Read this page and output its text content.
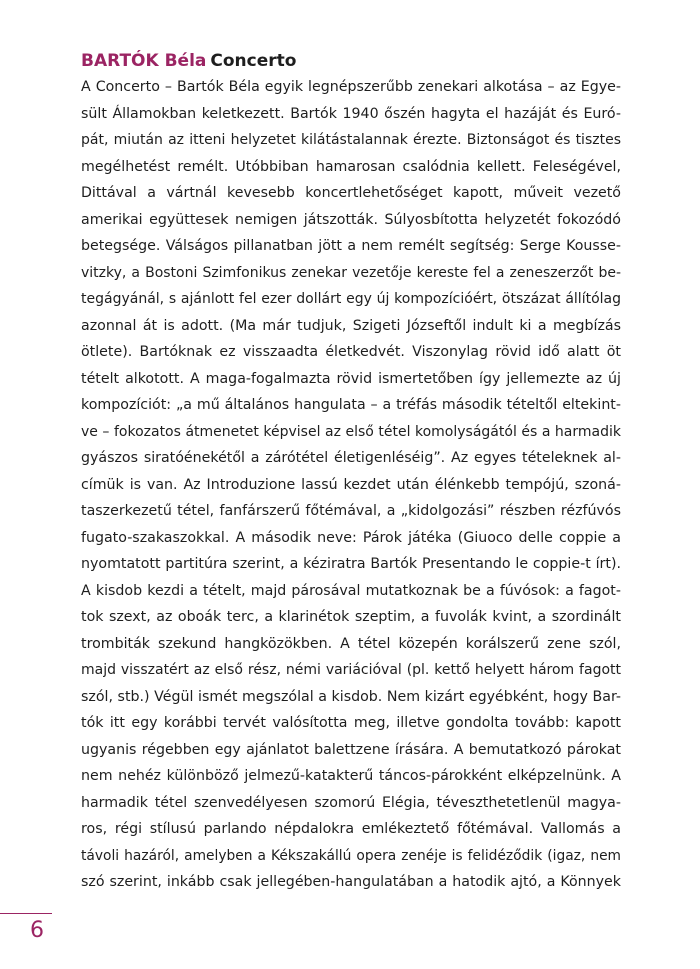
BARTÓK Béla Concerto
A Concerto – Bartók Béla egyik legnépszerűbb zenekari alkotása – az Egye-
sült Államokban keletkezett. Bartók 1940 őszén hagyta el hazáját és Euró-
pát, miután az itteni helyzetet kilátástalannak érezte. Biztonságot és tisztes
megélhetést remélt. Utóbbiban hamarosan csalódnia kellett. Feleségével,
Dittával a vártnál kevesebb koncertlehetőséget kapott, műveit vezető
amerikai együttesek nemigen játszották. Súlyosbította helyzetét fokozódó
betegsége. Válságos pillanatban jött a nem remélt segítség: Serge Kousse-
vitzky, a Bostoni Szimfonikus zenekar vezetője kereste fel a zeneszerzőt be-
tegágyánál, s ajánlott fel ezer dollárt egy új kompozícióért, ötszázat állítólag
azonnal át is adott. (Ma már tudjuk, Szigeti Józseftől indult ki a megbízás
ötlete). Bartóknak ez visszaadta életkedvét. Viszonylag rövid idő alatt öt
tételt alkotott. A maga-fogalmazta rövid ismertetőben így jellemezte az új
kompozíciót: „a mű általános hangulata – a tréfás második tételtől eltekint-
ve – fokozatos átmenetet képvisel az első tétel komolyságától és a harmadik
gyászos siratóénekétől a zárótétel életigenléséig”. Az egyes tételeknek al-
címük is van. Az Introduzione lassú kezdet után élénkebb tempójú, szoná-
taszerkezetű tétel, fanfárszerű főtémával, a „kidolgozási” részben rézfúvós
fugato-szakaszokkal. A második neve: Párok játéka (Giuoco delle coppie a
nyomtatott partitúra szerint, a kéziratra Bartók Presentando le coppie-t írt).
A kisdob kezdi a tételt, majd párosával mutatkoznak be a fúvósok: a fagot-
tok szext, az oboák terc, a klarinétok szeptim, a fuvolák kvint, a szordinált
trombiták szekund hangközökben. A tétel közepén korálszerű zene szól,
majd visszatért az első rész, némi variációval (pl. kettő helyett három fagott
szól, stb.) Végül ismét megszólal a kisdob. Nem kizárt egyébként, hogy Bar-
tók itt egy korábbi tervét valósította meg, illetve gondolta tovább: kapott
ugyanis régebben egy ajánlatot balettzene írására. A bemutatkozó párokat
nem nehéz különböző jelmezű-katakterű táncos-párokként elképzelnünk. A
harmadik tétel szenvedélyesen szomorú Elégia, téveszthetetlenül magya-
ros, régi stílusú parlando népdalokra emlékeztető főtémával. Vallomás a
távoli hazáról, amelyben a Kékszakállú opera zenéje is felidéződik (igaz, nem
szó szerint, inkább csak jellegében-hangulatában a hatodik ajtó, a Könnyek
6
